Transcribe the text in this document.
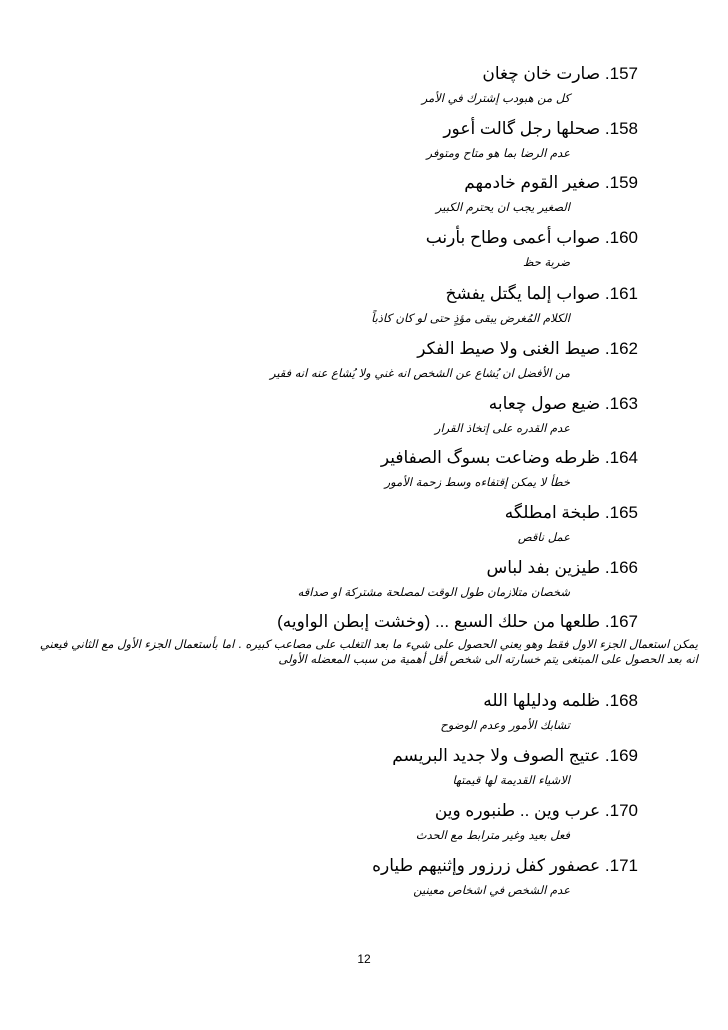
157. صارت خان چغان
كل من هبودب إشترك في الأمر
158. صحلها رجل گالت أعور
عدم الرضا بما هو متاح ومتوفر
159. صغير القوم خادمهم
الصغير يجب ان يحترم الكبير
160. صواب أعمى وطاح بأرنب
ضربة حظ
161. صواب إلما يگتل يفشخ
الكلام المُغرض يبقى مؤذٍ حتى لو كان كاذباً
162. صيط الغنى ولا صيط الفكر
من الأفضل ان يُشاع عن الشخص انه غني ولا يُشاع عنه انه فقير
163. ضيع صول چعابه
عدم القدره على إتخاذ القرار
164. ظرطه وضاعت بسوگ الصفافير
خطأ لا يمكن إقتفاءه وسط زحمة الأمور
165. طبخة امطلگه
عمل ناقص
166. طيزين بفد لباس
شخصان متلازمان طول الوقت لمصلحة مشتركة او صداقه
167. طلعها من حلك السبع ... (وخشت إبطن الواويه)
يمكن استعمال الجزء الاول فقط وهو يعني الحصول على شيء ما بعد التغلب على مصاعب كبيره . اما بأستعمال الجزء الأول مع الثاني فيعني انه بعد الحصول على المبتغى يتم خسارته الى شخص أقل أهمية من سبب المعضله الأولى
168. ظلمه ودليلها الله
تشابك الأمور وعدم الوضوح
169. عتيج الصوف ولا جديد البريسم
الاشياء القديمة لها قيمتها
170. عرب وين .. طنبوره وين
فعل بعيد وغير مترابط مع الحدث
171. عصفور كفل زرزور وإثنيهم طياره
عدم الشخص في اشخاص معينين
12
